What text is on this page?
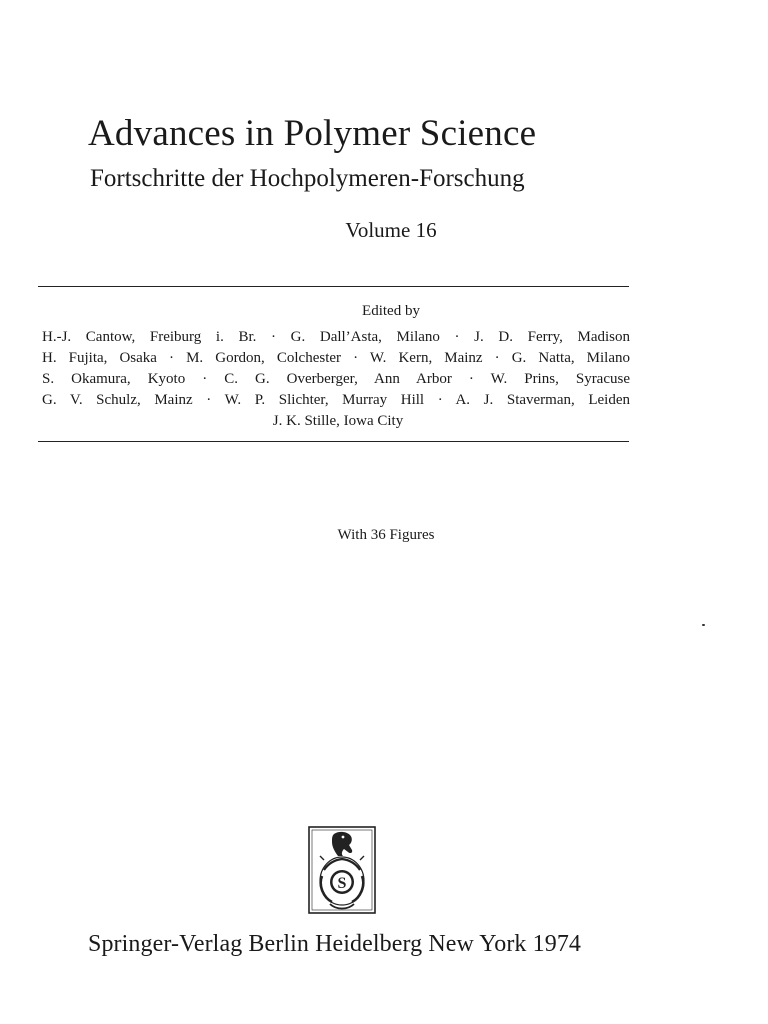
Advances in Polymer Science
Fortschritte der Hochpolymeren-Forschung
Volume 16
Edited by
H.-J. Cantow, Freiburg i. Br. · G. Dall’Asta, Milano · J. D. Ferry, Madison
H. Fujita, Osaka · M. Gordon, Colchester · W. Kern, Mainz · G. Natta, Milano
S. Okamura, Kyoto · C. G. Overberger, Ann Arbor · W. Prins, Syracuse
G. V. Schulz, Mainz · W. P. Slichter, Murray Hill · A. J. Staverman, Leiden
J. K. Stille, Iowa City
With 36 Figures
S
Springer-Verlag Berlin Heidelberg New York 1974
